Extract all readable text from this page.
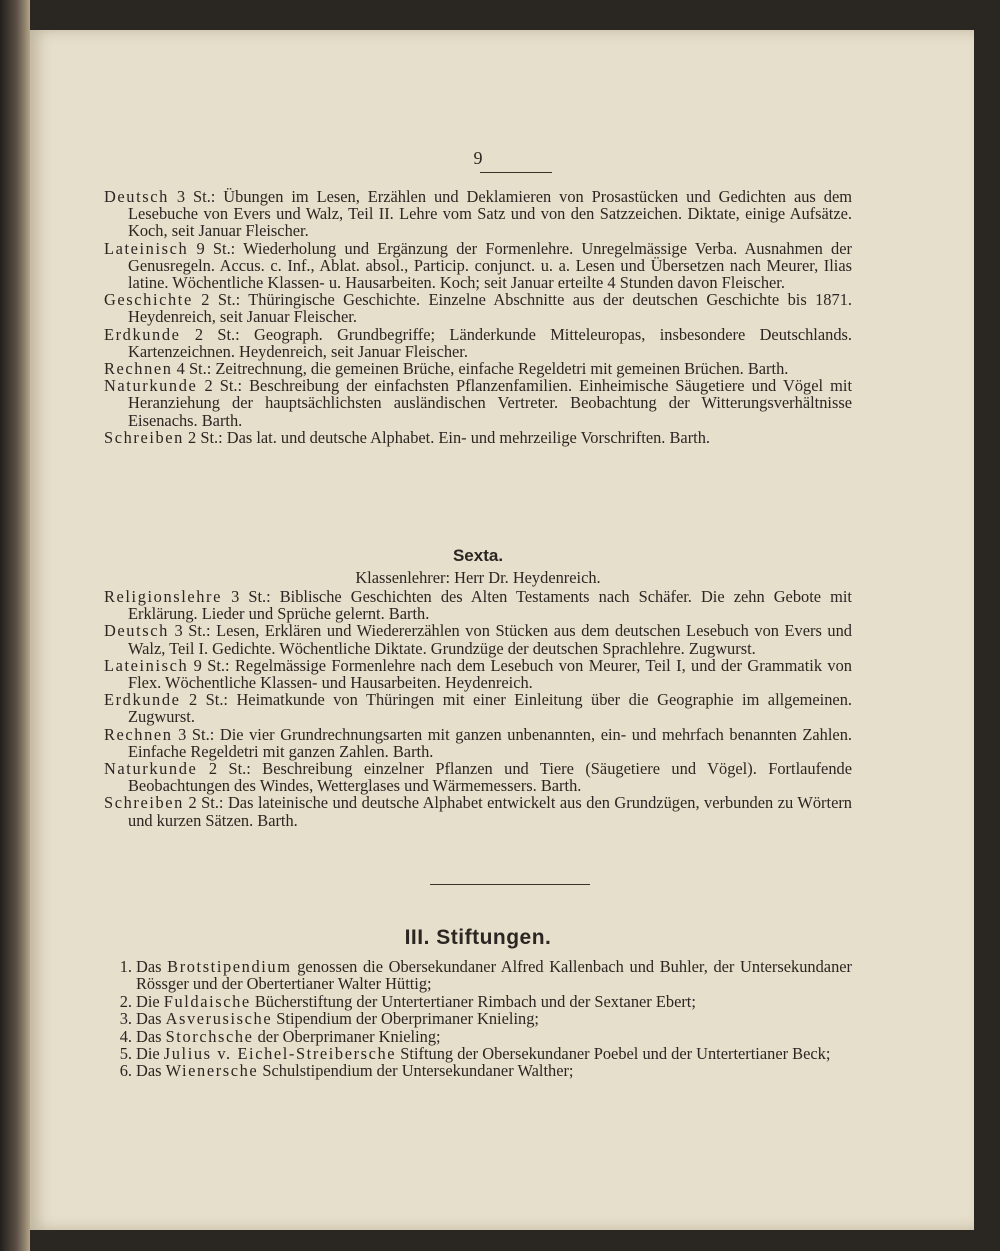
9

Deutsch 3 St.: Übungen im Lesen, Erzählen und Deklamieren von Prosastücken und Gedichten aus dem Lesebuche von Evers und Walz, Teil II. Lehre vom Satz und von den Satzzeichen. Diktate, einige Aufsätze. Koch, seit Januar Fleischer.

Lateinisch 9 St.: Wiederholung und Ergänzung der Formenlehre. Unregelmässige Verba. Ausnahmen der Genusregeln. Accus. c. Inf., Ablat. absol., Particip. conjunct. u. a. Lesen und Übersetzen nach Meurer, Ilias latine. Wöchentliche Klassen- u. Hausarbeiten. Koch; seit Januar erteilte 4 Stunden davon Fleischer.

Geschichte 2 St.: Thüringische Geschichte. Einzelne Abschnitte aus der deutschen Geschichte bis 1871. Heydenreich, seit Januar Fleischer.

Erdkunde 2 St.: Geograph. Grundbegriffe; Länderkunde Mitteleuropas, insbesondere Deutschlands. Kartenzeichnen. Heydenreich, seit Januar Fleischer.

Rechnen 4 St.: Zeitrechnung, die gemeinen Brüche, einfache Regeldetri mit gemeinen Brüchen. Barth.

Naturkunde 2 St.: Beschreibung der einfachsten Pflanzenfamilien. Einheimische Säugetiere und Vögel mit Heranziehung der hauptsächlichsten ausländischen Vertreter. Beobachtung der Witterungsverhältnisse Eisenachs. Barth.

Schreiben 2 St.: Das lat. und deutsche Alphabet. Ein- und mehrzeilige Vorschriften. Barth.

Sexta.
Klassenlehrer: Herr Dr. Heydenreich.

Religionslehre 3 St.: Biblische Geschichten des Alten Testaments nach Schäfer. Die zehn Gebote mit Erklärung. Lieder und Sprüche gelernt. Barth.

Deutsch 3 St.: Lesen, Erklären und Wiedererzählen von Stücken aus dem deutschen Lesebuch von Evers und Walz, Teil I. Gedichte. Wöchentliche Diktate. Grundzüge der deutschen Sprachlehre. Zugwurst.

Lateinisch 9 St.: Regelmässige Formenlehre nach dem Lesebuch von Meurer, Teil I, und der Grammatik von Flex. Wöchentliche Klassen- und Hausarbeiten. Heydenreich.

Erdkunde 2 St.: Heimatkunde von Thüringen mit einer Einleitung über die Geographie im allgemeinen. Zugwurst.

Rechnen 3 St.: Die vier Grundrechnungsarten mit ganzen unbenannten, ein- und mehrfach benannten Zahlen. Einfache Regeldetri mit ganzen Zahlen. Barth.

Naturkunde 2 St.: Beschreibung einzelner Pflanzen und Tiere (Säugetiere und Vögel). Fortlaufende Beobachtungen des Windes, Wetterglases und Wärmemessers. Barth.

Schreiben 2 St.: Das lateinische und deutsche Alphabet entwickelt aus den Grundzügen, verbunden zu Wörtern und kurzen Sätzen. Barth.

III. Stiftungen.
1. Das Brotstipendium genossen die Obersekundaner Alfred Kallenbach und Buhler, der Untersekundaner Rössger und der Obertertianer Walter Hüttig;
2. Die Fuldaische Bücherstiftung der Untertertianer Rimbach und der Sextaner Ebert;
3. Das Asverusische Stipendium der Oberprimaner Knieling;
4. Das Storchsche der Oberprimaner Knieling;
5. Die Julius v. Eichel-Streibersche Stiftung der Obersekundaner Poebel und der Untertertianer Beck;
6. Das Wienersche Schulstipendium der Untersekundaner Walther;
